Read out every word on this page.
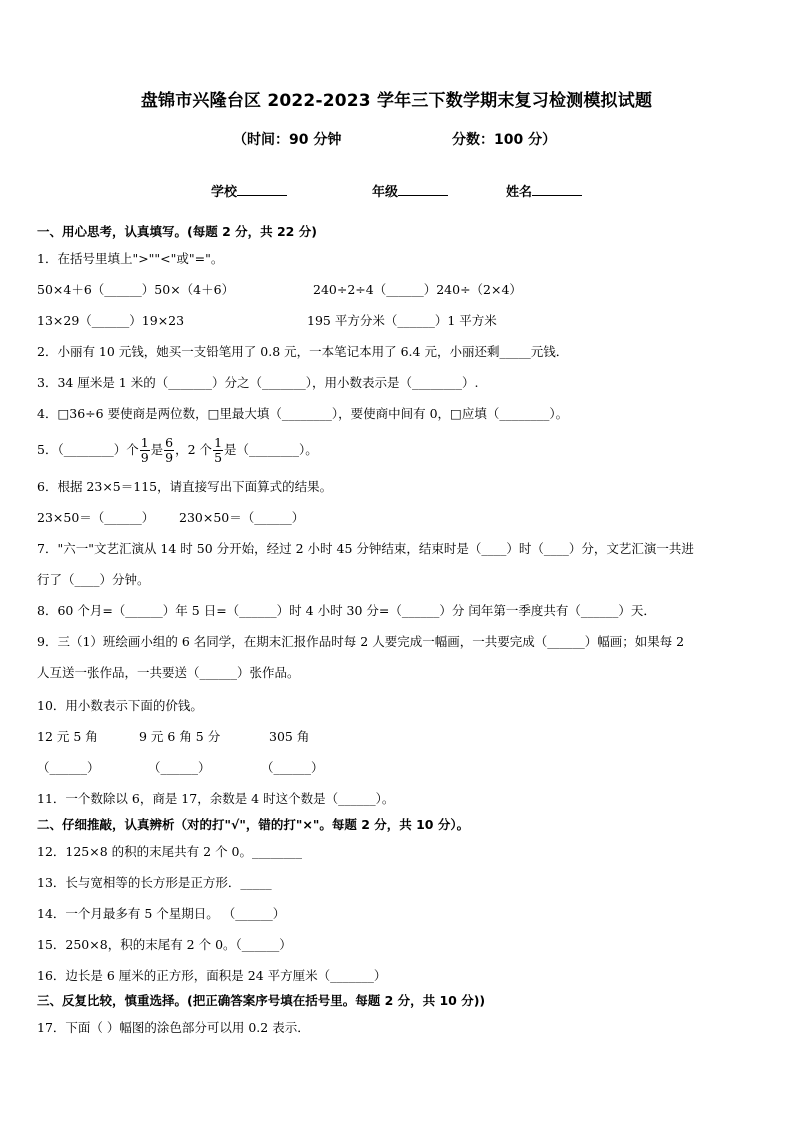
盘锦市兴隆台区 2022-2023 学年三下数学期末复习检测模拟试题
（时间：90 分钟	分数：100 分）
学校	年级	姓名
一、用心思考，认真填写。(每题 2 分，共 22 分)
1．在括号里填上">""<"或"="。
50×4＋6（______）50×（4＋6）	240÷2÷4（______）240÷（2×4）
13×29（______）19×23	195 平方分米（______）1 平方米
2．小丽有 10 元钱，她买一支铅笔用了 0.8 元，一本笔记本用了 6.4 元，小丽还剩_____元钱．
3．34 厘米是 1 米的（_______）分之（_______），用小数表示是（________）.
4．□36÷6 要使商是两位数，□里最大填（________），要使商中间有 0，□应填（________）。
5．（________）个 $\frac{1}{9}$ 是 $\frac{6}{9}$ ，2 个 $\frac{1}{5}$ 是（________）。
6．根据 23×5＝115，请直接写出下面算式的结果。
23×50＝（______） 230×50＝（______）
7．"六一"文艺汇演从 14 时 50 分开始，经过 2 小时 45 分钟结束，结束时是（____）时（____）分，文艺汇演一共进
行了（____）分钟。
8．60 个月=（______）年 5 日=（______）时 4 小时 30 分=（______）分 闰年第一季度共有（______）天．
9．三（1）班绘画小组的 6 名同学，在期末汇报作品时每 2 人要完成一幅画，一共要完成（______）幅画；如果每 2
人互送一张作品，一共要送（______）张作品。
10．用小数表示下面的价钱。
12 元 5 角	9 元 6 角 5 分	305 角
（______）	（______）	（______）
11．一个数除以 6，商是 17，余数是 4 时这个数是（______）。
二、仔细推敲，认真辨析（对的打"√"，错的打"×"。每题 2 分，共 10 分）。
12．125×8 的积的末尾共有 2 个 0。________
13．长与宽相等的长方形是正方形．_____
14．一个月最多有 5 个星期日。 （______）
15．250×8，积的末尾有 2 个 0。（______）
16．边长是 6 厘米的正方形，面积是 24 平方厘米（_______）
三、反复比较，慎重选择。(把正确答案序号填在括号里。每题 2 分，共 10 分))
17．下面（ ）幅图的涂色部分可以用 0.2 表示．
